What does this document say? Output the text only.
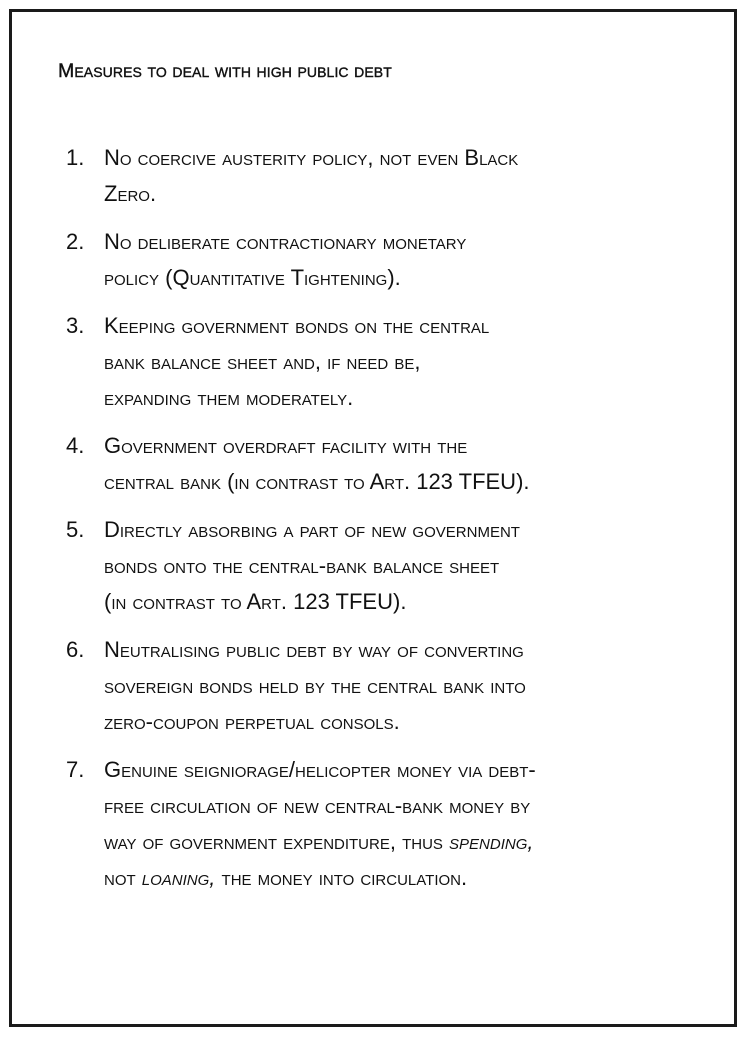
Measures to deal with high public debt
1. No coercive austerity policy, not even Black
Zero.
2. No deliberate contractionary monetary
policy (Quantitative Tightening).
3. Keeping government bonds on the central
bank balance sheet and, if need be,
expanding them moderately.
4. Government overdraft facility with the
central bank (in contrast to Art. 123 TFEU).
5. Directly absorbing a part of new government
bonds onto the central-bank balance sheet
(in contrast to Art. 123 TFEU).
6. Neutralising public debt by way of converting
sovereign bonds held by the central bank into
zero-coupon perpetual consols.
7. Genuine seigniorage/helicopter money via debt-
free circulation of new central-bank money by
way of government expenditure, thus spending,
not loaning, the money into circulation.
